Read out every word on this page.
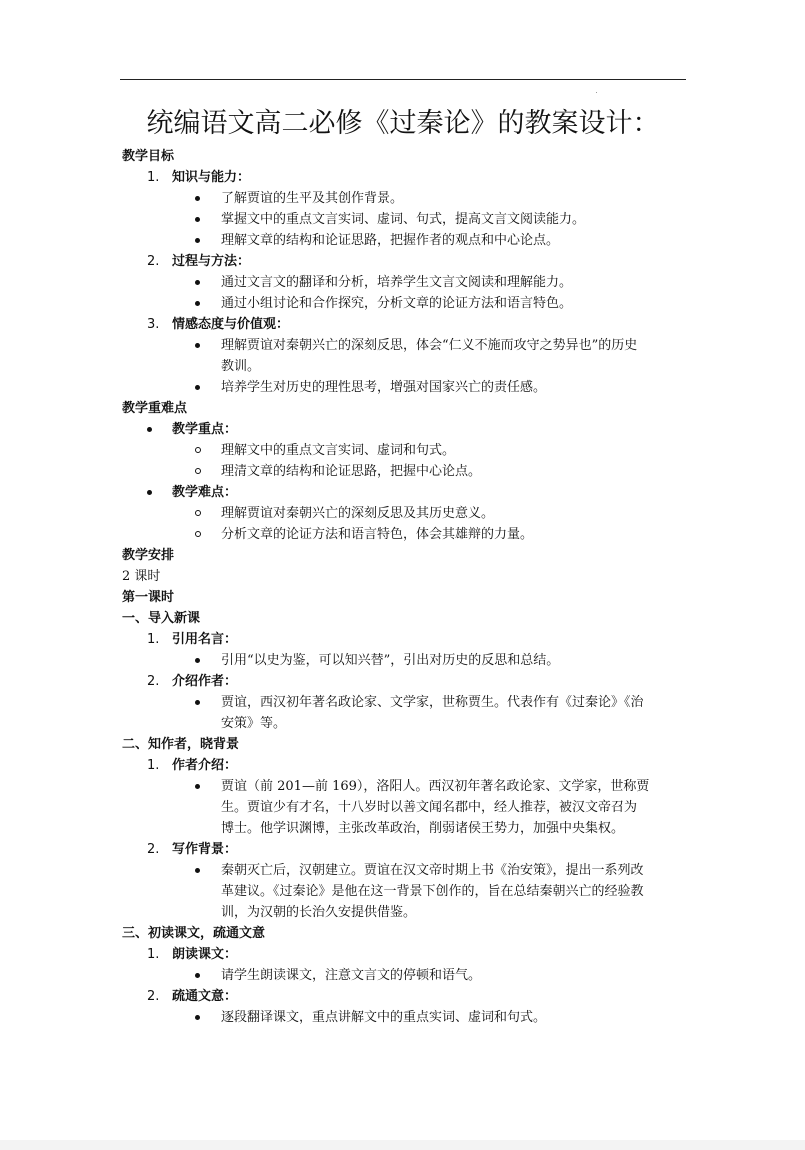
统编语文高二必修《过秦论》的教案设计：
教学目标
1. 知识与能力：
了解贾谊的生平及其创作背景。
掌握文中的重点文言实词、虚词、句式，提高文言文阅读能力。
理解文章的结构和论证思路，把握作者的观点和中心论点。
2. 过程与方法：
通过文言文的翻译和分析，培养学生文言文阅读和理解能力。
通过小组讨论和合作探究，分析文章的论证方法和语言特色。
3. 情感态度与价值观：
理解贾谊对秦朝兴亡的深刻反思，体会“仁义不施而攻守之势异也”的历史
教训。
培养学生对历史的理性思考，增强对国家兴亡的责任感。
教学重难点
教学重点：
理解文中的重点文言实词、虚词和句式。
理清文章的结构和论证思路，把握中心论点。
教学难点：
理解贾谊对秦朝兴亡的深刻反思及其历史意义。
分析文章的论证方法和语言特色，体会其雄辩的力量。
教学安排
2 课时
第一课时
一、导入新课
1. 引用名言：
引用“以史为鉴，可以知兴替”，引出对历史的反思和总结。
2. 介绍作者：
贾谊，西汉初年著名政论家、文学家，世称贾生。代表作有《过秦论》《治
安策》等。
二、知作者，晓背景
1. 作者介绍：
贾谊（前 201—前 169），洛阳人。西汉初年著名政论家、文学家，世称贾
生。贾谊少有才名，十八岁时以善文闻名郡中，经人推荐，被汉文帝召为
博士。他学识渊博，主张改革政治，削弱诸侯王势力，加强中央集权。
2. 写作背景：
秦朝灭亡后，汉朝建立。贾谊在汉文帝时期上书《治安策》，提出一系列改
革建议。《过秦论》是他在这一背景下创作的，旨在总结秦朝兴亡的经验教
训，为汉朝的长治久安提供借鉴。
三、初读课文，疏通文意
1. 朗读课文：
请学生朗读课文，注意文言文的停顿和语气。
2. 疏通文意：
逐段翻译课文，重点讲解文中的重点实词、虚词和句式。
